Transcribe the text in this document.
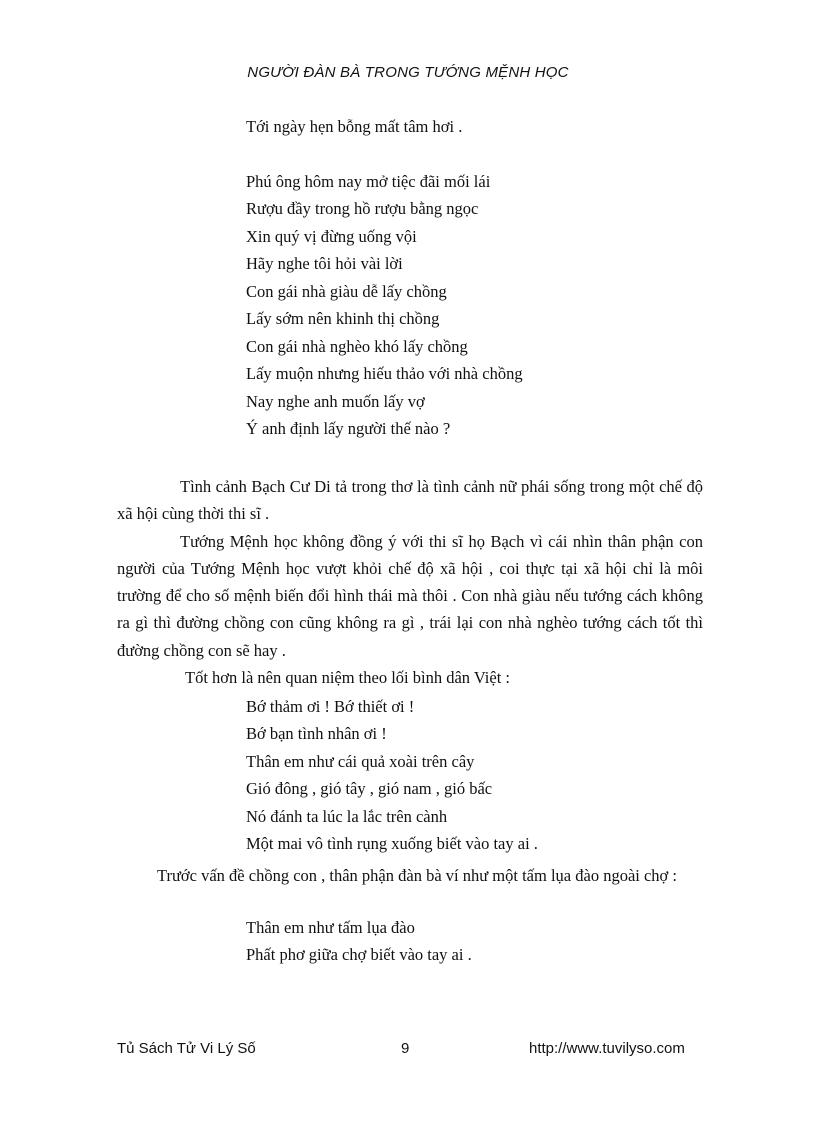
NGƯỜI ĐÀN BÀ TRONG TƯỚNG MỆNH HỌC
Tới ngày hẹn bỗng mất tâm hơi .
Phú ông hôm nay mở tiệc đãi mối lái
Rượu đầy trong hồ rượu bằng ngọc
Xin quý vị đừng uống vội
Hãy nghe tôi hỏi vài lời
Con gái nhà giàu dễ lấy chồng
Lấy sớm nên khinh thị chồng
Con gái nhà nghèo khó lấy chồng
Lấy muộn nhưng hiếu thảo với nhà chồng
Nay nghe anh muốn lấy vợ
Ý anh định lấy người thế nào ?

Tình cảnh Bạch Cư Di tả trong thơ là tình cảnh nữ phái sống trong một chế độ xã hội cùng thời thi sĩ .

Tướng Mệnh học không đồng ý với thi sĩ họ Bạch vì cái nhìn thân phận con người của Tướng Mệnh học vượt khỏi chế độ xã hội , coi thực tại xã hội chỉ là môi trường để cho số mệnh biến đổi hình thái mà thôi . Con nhà giàu nếu tướng cách không ra gì thì đường chồng con cũng không ra gì , trái lại con nhà nghèo tướng cách tốt thì đường chồng con sẽ hay .

Tốt hơn là nên quan niệm theo lối bình dân Việt :

Bớ thảm ơi ! Bớ thiết ơi !
Bớ bạn tình nhân ơi !
Thân em như cái quả xoài trên cây
Gió đông , gió tây , gió nam , gió bấc
Nó đánh ta lúc la lắc trên cành
Một mai vô tình rụng xuống biết vào tay ai .

Trước vấn đề chồng con , thân phận đàn bà ví như một tấm lụa đào ngoài chợ :

Thân em như tấm lụa đào
Phất phơ giữa chợ biết vào tay ai .
Tủ Sách Tử Vi Lý Số	9	http://www.tuvilyso.com
